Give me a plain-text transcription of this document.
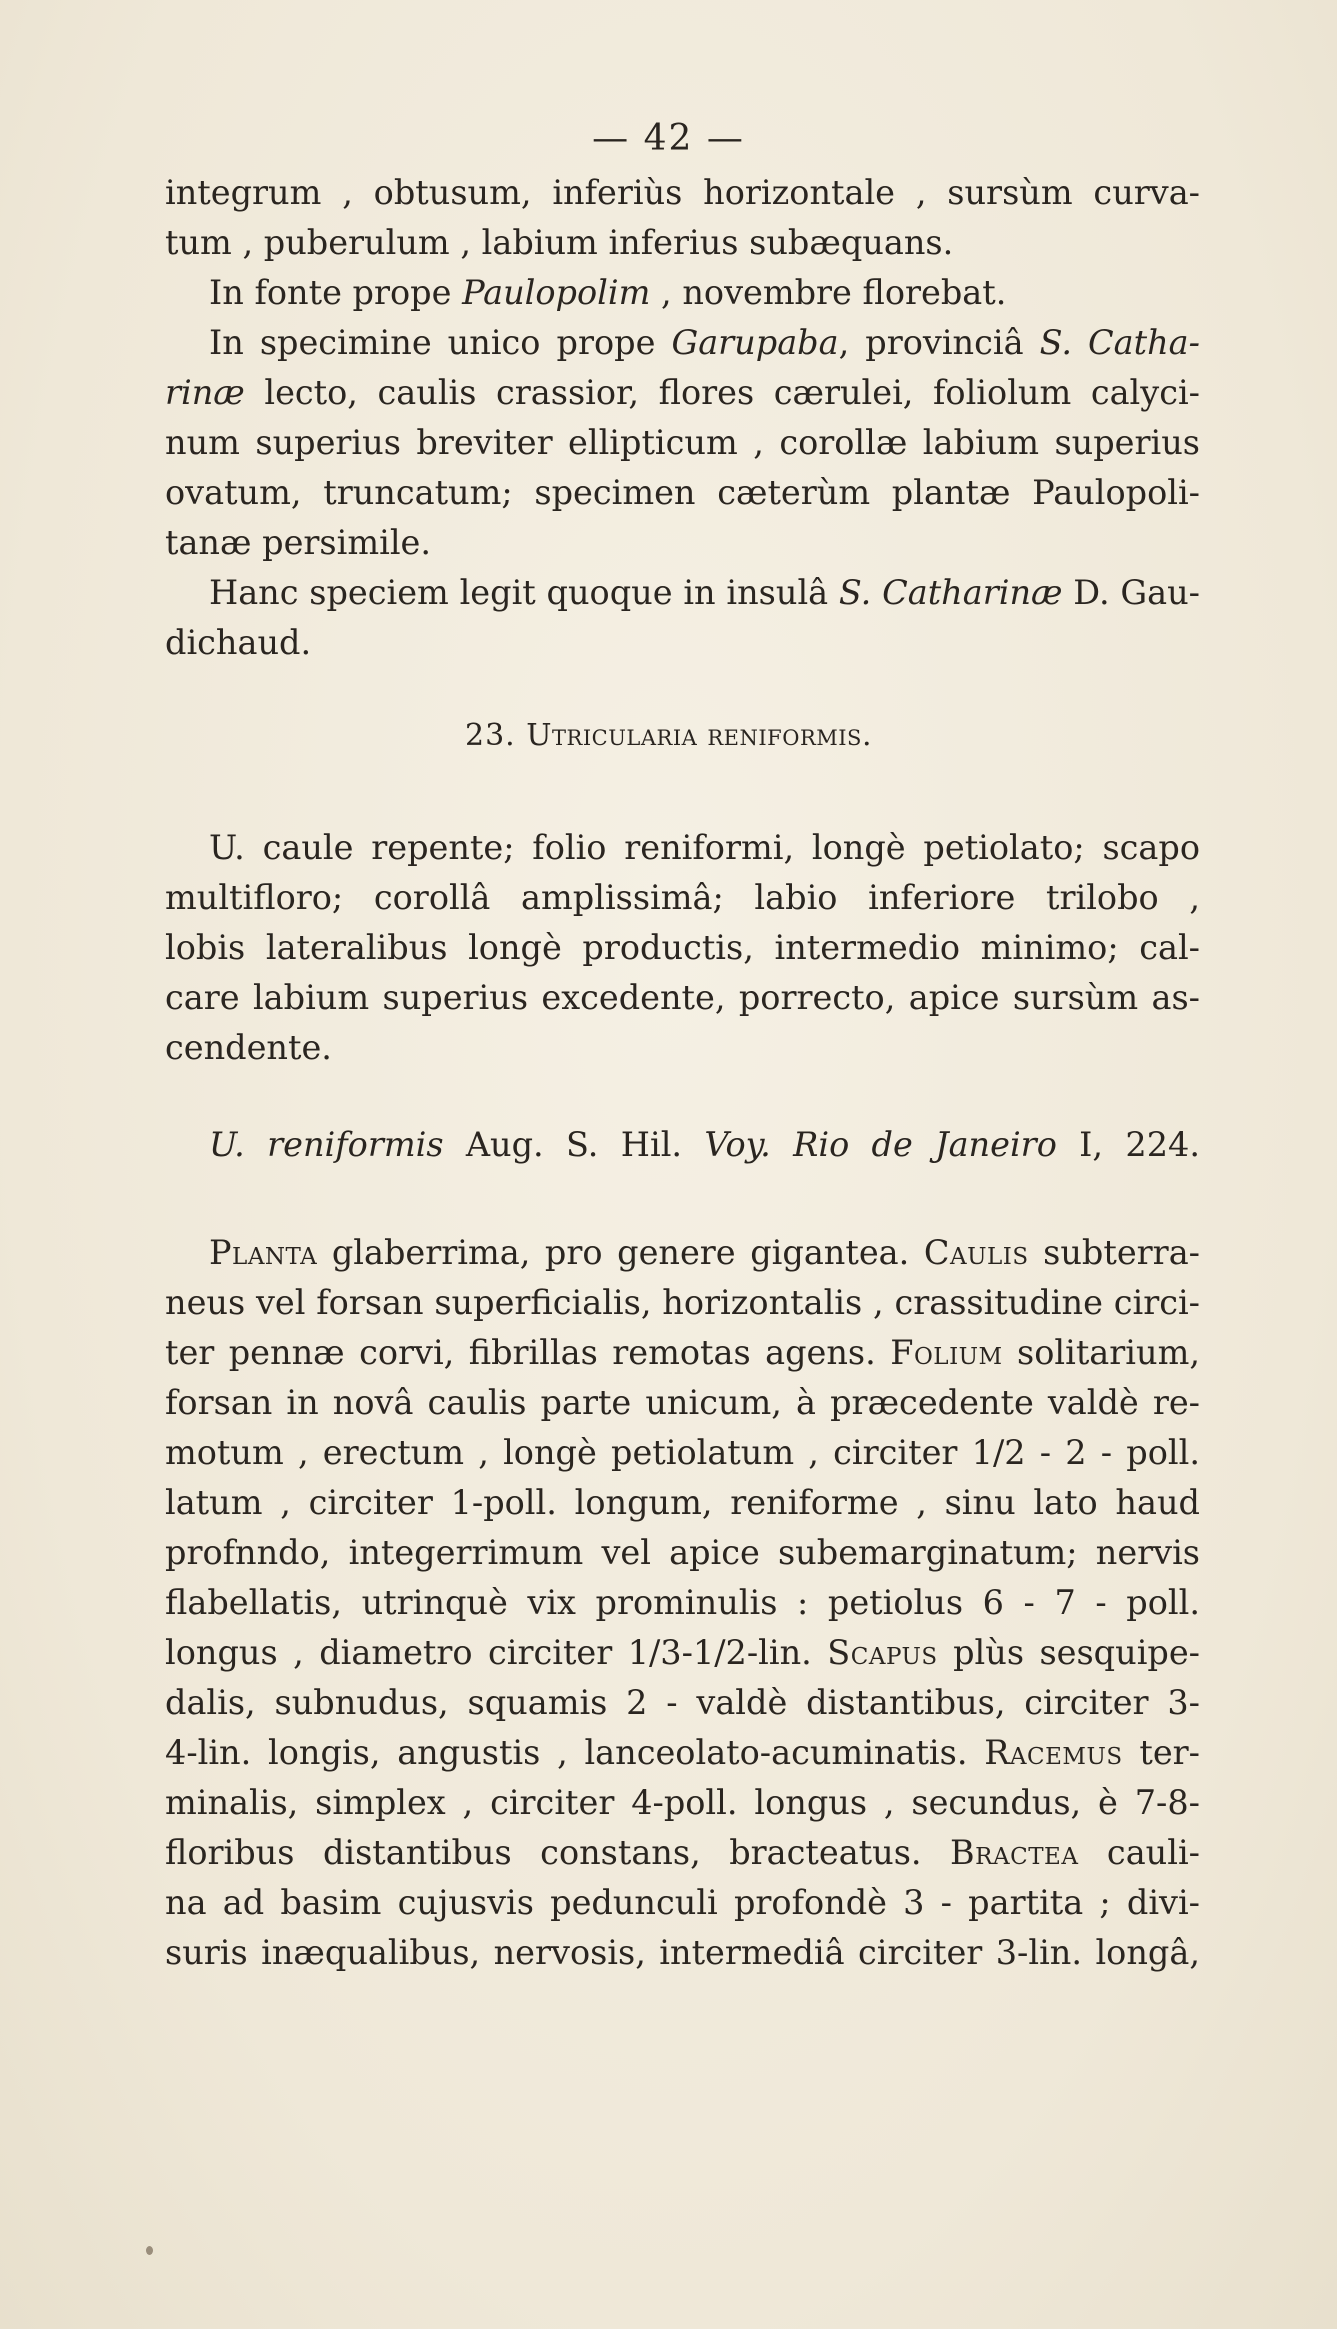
— 42 —
integrum , obtusum, inferiùs horizontale , sursùm curva-
tum , puberulum , labium inferius subæquans.
In fonte prope Paulopolim , novembre florebat.
In specimine unico prope Garupaba, provinciâ S. Catha-
rinæ lecto, caulis crassior, flores cærulei, foliolum calyci-
num superius breviter ellipticum , corollæ labium superius
ovatum, truncatum; specimen cæterùm plantæ Paulopoli-
tanæ persimile.
Hanc speciem legit quoque in insulâ S. Catharinæ D. Gau-
dichaud.
23. Utricularia reniformis.
U. caule repente; folio reniformi, longè petiolato; scapo
multifloro; corollâ amplissimâ; labio inferiore trilobo ,
lobis lateralibus longè productis, intermedio minimo; cal-
care labium superius excedente, porrecto, apice sursùm as-
cendente.
U. reniformis Aug. S. Hil. Voy. Rio de Janeiro I, 224.
Planta glaberrima, pro genere gigantea. Caulis subterra-
neus vel forsan superficialis, horizontalis , crassitudine circi-
ter pennæ corvi, fibrillas remotas agens. Folium solitarium,
forsan in novâ caulis parte unicum, à præcedente valdè re-
motum , erectum , longè petiolatum , circiter 1/2 - 2 - poll.
latum , circiter 1-poll. longum, reniforme , sinu lato haud
profnndo, integerrimum vel apice subemarginatum; nervis
flabellatis, utrinquè vix prominulis : petiolus 6 - 7 - poll.
longus , diametro circiter 1/3-1/2-lin. Scapus plùs sesquipe-
dalis, subnudus, squamis 2 - valdè distantibus, circiter 3-
4-lin. longis, angustis , lanceolato-acuminatis. Racemus ter-
minalis, simplex , circiter 4-poll. longus , secundus, è 7-8-
floribus distantibus constans, bracteatus. Bractea cauli-
na ad basim cujusvis pedunculi profondè 3 - partita ; divi-
suris inæqualibus, nervosis, intermediâ circiter 3-lin. longâ,
